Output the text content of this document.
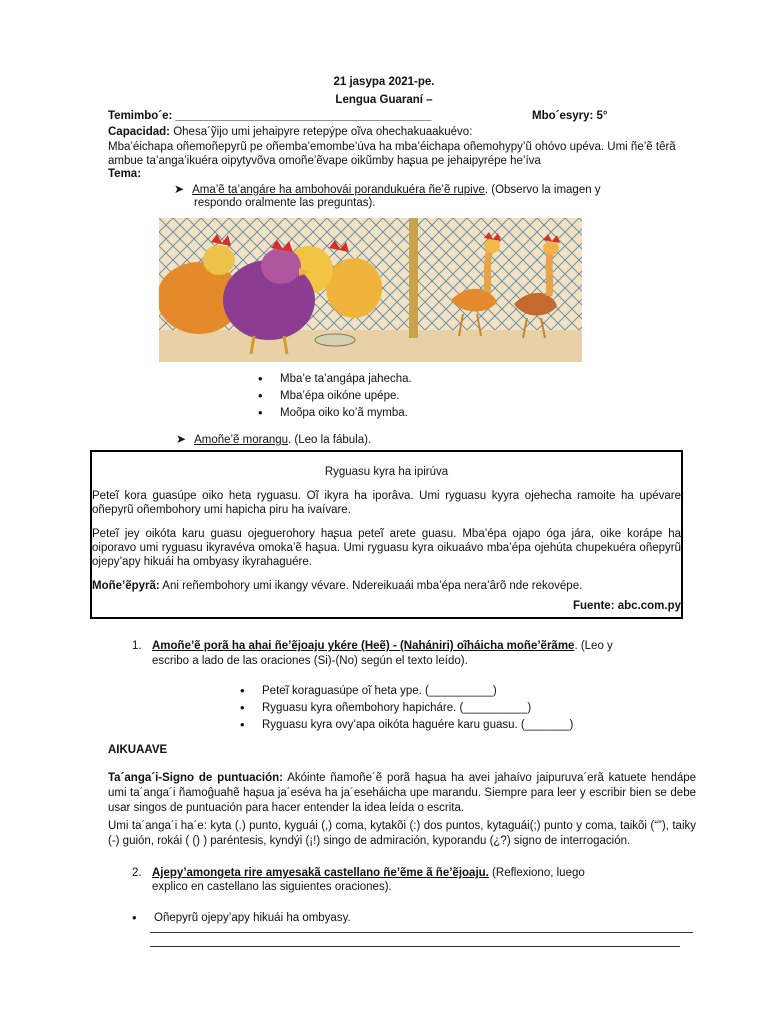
21 jasypa 2021-pe.
Lengua Guaraní –
Temimbo´e: ________________________________________	Mbo´esyry: 5°
Capacidad: Ohesa´ỹijo umi jehaipyre retepýpe oĩva ohechakuaakuévo:
Mba’éichapa oñemoñepyrũ pe oñemba’emombe’úva ha mba’éichapa oñemohypy’ũ ohóvo upéva. Umi ñe’ẽ têrã ambue ta’anga’ikuéra oipytyvõva omoñe’ẽvape oikũmby haʂua pe jehaipyrépe he’íva
Tema:
➤ Ama’ẽ ta’angáre ha ambohovái porandukuéra ñe’ẽ rupive. (Observo la imagen y
respondo oralmente las preguntas).
• Mba’e ta’angápa jahecha.
• Mba’épa oikóne upépe.
• Moõpa oiko ko’ã mymba.
➤ Amoñe’ẽ morangu. (Leo la fábula).
Ryguasu kyra ha ipirúva

Peteĩ kora guasúpe oiko heta ryguasu. Oĩ ikyra ha iporâva. Umi ryguasu kyyra ojehecha ramoite ha upévare oñepyrũ oñembohory umi hapicha piru ha ivaívare.

Peteĩ jey oikóta karu guasu ojeguerohory haʂua peteĩ arete guasu. Mba’épa ojapo óga jára, oike korápe ha oiporavo umi ryguasu ikyravéva omoka’ẽ haʂua. Umi ryguasu kyra oikuaávo mba’épa ojehúta chupekuéra oñepyrũ ojepy’apy hikuái ha ombyasy ikyrahaguére.

Moñe’ẽpyrã: Ani reñembohory umi ikangy vévare. Ndereikuaái mba’épa nera’ârõ nde rekovépe.

Fuente: abc.com.py
1. Amoñe’ẽ porã ha ahai ñe’ẽjoaju ykére (Heẽ) - (Nahániri) oĩháicha moñe’ẽrãme. (Leo y
escribo a lado de las oraciones (Si)-(No) según el texto leído).
• Peteĩ koraguasúpe oĩ heta ype. (__________)
• Ryguasu kyra oñembohory hapicháre. (__________)
• Ryguasu kyra ovy’apa oikóta haguére karu guasu. (_______)
AIKUAAVE
Ta´anga´i-Signo de puntuación: Akóinte ñamoñe´ẽ porã haʂua ha avei jahaívo jaipuruva´erã katuete hendápe umi ta´anga´i ñamoĝuahẽ haʂua ja´eséva ha ja´eseháicha upe marandu. Siempre para leer y escribir bien se debe usar singos de puntuación para hacer entender la idea leída o escrita.
Umi ta´anga´i ha´e: kyta (.) punto, kyguái (,) coma, kytakõi (:) dos puntos, kytaguái(;) punto y coma, taikõi (“”), taiky (-) guión, rokái ( () ) paréntesis, kyndýi (¡!) singo de admiración, kyporandu (¿?) signo de interrogación.
2. Ajepy’amongeta rire amyesakã castellano ñe’ẽme ã ñe’ẽjoaju. (Reflexiono, luego
explico en castellano las siguientes oraciones).
• Oñepyrũ ojepy’apy hikuái ha ombyasy.
